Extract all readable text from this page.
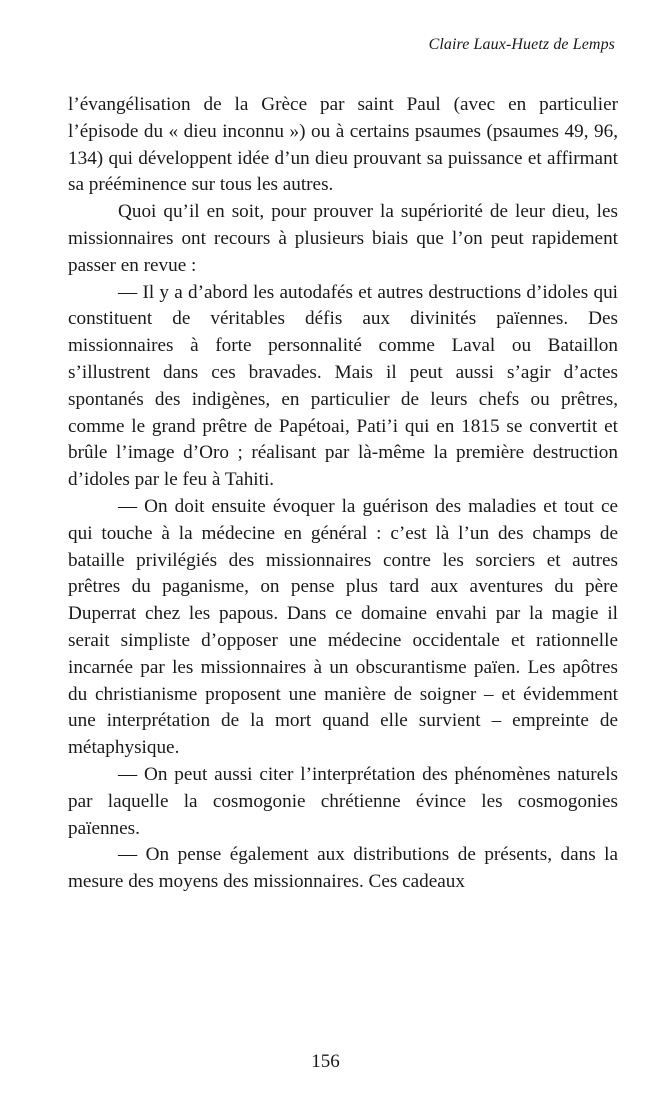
Claire Laux-Huetz de Lemps

l’évangélisation de la Grèce par saint Paul (avec en particulier l’épisode du « dieu inconnu ») ou à certains psaumes (psaumes 49, 96, 134) qui développent idée d’un dieu prouvant sa puissance et affirmant sa prééminence sur tous les autres.

Quoi qu’il en soit, pour prouver la supériorité de leur dieu, les missionnaires ont recours à plusieurs biais que l’on peut rapidement passer en revue :

— Il y a d’abord les autodafés et autres destructions d’idoles qui constituent de véritables défis aux divinités païennes. Des missionnaires à forte personnalité comme Laval ou Bataillon s’illustrent dans ces bravades. Mais il peut aussi s’agir d’actes spontanés des indigènes, en particulier de leurs chefs ou prêtres, comme le grand prêtre de Papétoai, Pati’i qui en 1815 se convertit et brûle l’image d’Oro ; réalisant par là-même la première destruction d’idoles par le feu à Tahiti.

— On doit ensuite évoquer la guérison des maladies et tout ce qui touche à la médecine en général : c’est là l’un des champs de bataille privilégiés des missionnaires contre les sorciers et autres prêtres du paganisme, on pense plus tard aux aventures du père Duperrat chez les papous. Dans ce domaine envahi par la magie il serait simpliste d’opposer une médecine occidentale et rationnelle incarnée par les missionnaires à un obscurantisme païen. Les apôtres du christianisme proposent une manière de soigner – et évidemment une interprétation de la mort quand elle survient – empreinte de métaphysique.

— On peut aussi citer l’interprétation des phénomènes naturels par laquelle la cosmogonie chrétienne évince les cosmogonies païennes.

— On pense également aux distributions de présents, dans la mesure des moyens des missionnaires. Ces cadeaux

156
